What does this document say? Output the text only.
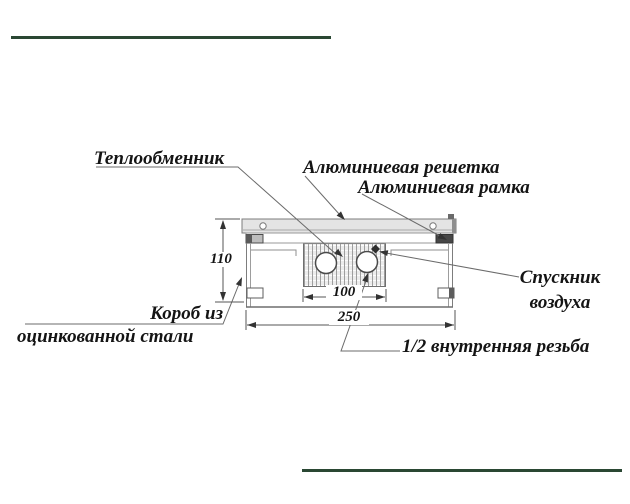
Теплообменник	Алюминиевая решетка
Алюминиевая рамка
Спускник
воздуха
Короб из
оцинкованной стали	1/2 внутренняя резьба
110
100
250
